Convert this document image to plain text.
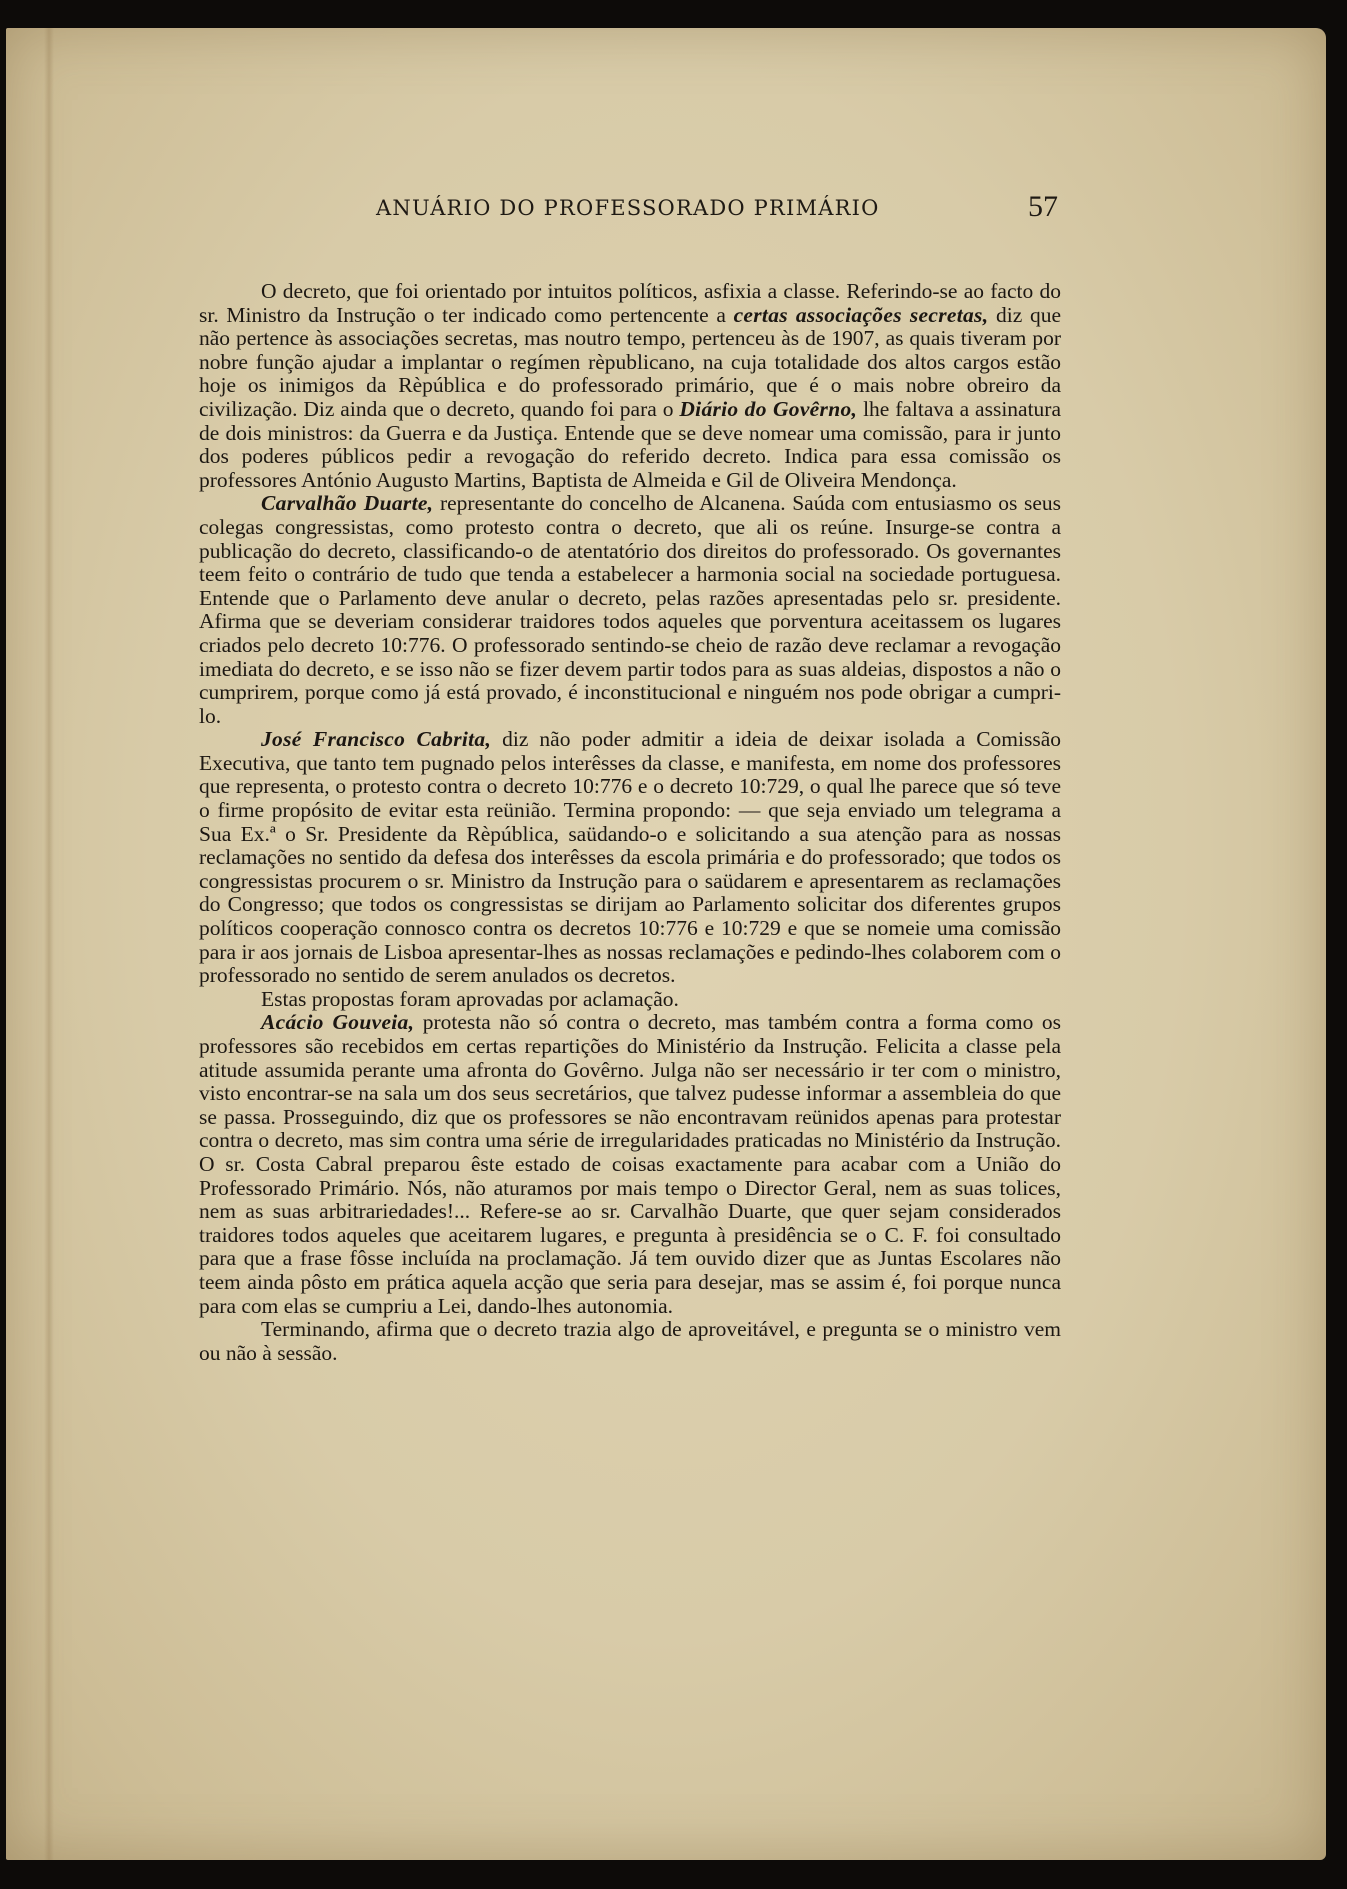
ANUÁRIO DO PROFESSORADO PRIMÁRIO	57

O decreto, que foi orientado por intuitos políticos, asfixia a classe. Referindo-se ao facto do sr. Ministro da Instrução o ter indicado como pertencente a certas associações secretas, diz que não pertence às associações secretas, mas noutro tempo, pertenceu às de 1907, as quais tiveram por nobre função ajudar a implantar o regímen rèpublicano, na cuja totalidade dos altos cargos estão hoje os inimigos da Rèpública e do professorado primário, que é o mais nobre obreiro da civilização. Diz ainda que o decreto, quando foi para o Diário do Govêrno, lhe faltava a assinatura de dois ministros: da Guerra e da Justiça. Entende que se deve nomear uma comissão, para ir junto dos poderes públicos pedir a revogação do referido decreto. Indica para essa comissão os professores António Augusto Martins, Baptista de Almeida e Gil de Oliveira Mendonça.

Carvalhão Duarte, representante do concelho de Alcanena. Saúda com entusiasmo os seus colegas congressistas, como protesto contra o decreto, que ali os reúne. Insurge-se contra a publicação do decreto, classificando-o de atentatório dos direitos do professorado. Os governantes teem feito o contrário de tudo que tenda a estabelecer a harmonia social na sociedade portuguesa. Entende que o Parlamento deve anular o decreto, pelas razões apresentadas pelo sr. presidente. Afirma que se deveriam considerar traidores todos aqueles que porventura aceitassem os lugares criados pelo decreto 10:776. O professorado sentindo-se cheio de razão deve reclamar a revogação imediata do decreto, e se isso não se fizer devem partir todos para as suas aldeias, dispostos a não o cumprirem, porque como já está provado, é inconstitucional e ninguém nos pode obrigar a cumpri-lo.

José Francisco Cabrita, diz não poder admitir a ideia de deixar isolada a Comissão Executiva, que tanto tem pugnado pelos interêsses da classe, e manifesta, em nome dos professores que representa, o protesto contra o decreto 10:776 e o decreto 10:729, o qual lhe parece que só teve o firme propósito de evitar esta reünião. Termina propondo: — que seja enviado um telegrama a Sua Ex.ª o Sr. Presidente da Rèpública, saüdando-o e solicitando a sua atenção para as nossas reclamações no sentido da defesa dos interêsses da escola primária e do professorado; que todos os congressistas procurem o sr. Ministro da Instrução para o saüdarem e apresentarem as reclamações do Congresso; que todos os congressistas se dirijam ao Parlamento solicitar dos diferentes grupos políticos cooperação connosco contra os decretos 10:776 e 10:729 e que se nomeie uma comissão para ir aos jornais de Lisboa apresentar-lhes as nossas reclamações e pedindo-lhes colaborem com o professorado no sentido de serem anulados os decretos.

Estas propostas foram aprovadas por aclamação.

Acácio Gouveia, protesta não só contra o decreto, mas também contra a forma como os professores são recebidos em certas repartições do Ministério da Instrução. Felicita a classe pela atitude assumida perante uma afronta do Govêrno. Julga não ser necessário ir ter com o ministro, visto encontrar-se na sala um dos seus secretários, que talvez pudesse informar a assembleia do que se passa. Prosseguindo, diz que os professores se não encontravam reünidos apenas para protestar contra o decreto, mas sim contra uma série de irregularidades praticadas no Ministério da Instrução. O sr. Costa Cabral preparou êste estado de coisas exactamente para acabar com a União do Professorado Primário. Nós, não aturamos por mais tempo o Director Geral, nem as suas tolices, nem as suas arbitrariedades!... Refere-se ao sr. Carvalhão Duarte, que quer sejam considerados traidores todos aqueles que aceitarem lugares, e pregunta à presidência se o C. F. foi consultado para que a frase fôsse incluída na proclamação. Já tem ouvido dizer que as Juntas Escolares não teem ainda pôsto em prática aquela acção que seria para desejar, mas se assim é, foi porque nunca para com elas se cumpriu a Lei, dando-lhes autonomia.

Terminando, afirma que o decreto trazia algo de aproveitável, e pregunta se o ministro vem ou não à sessão.
